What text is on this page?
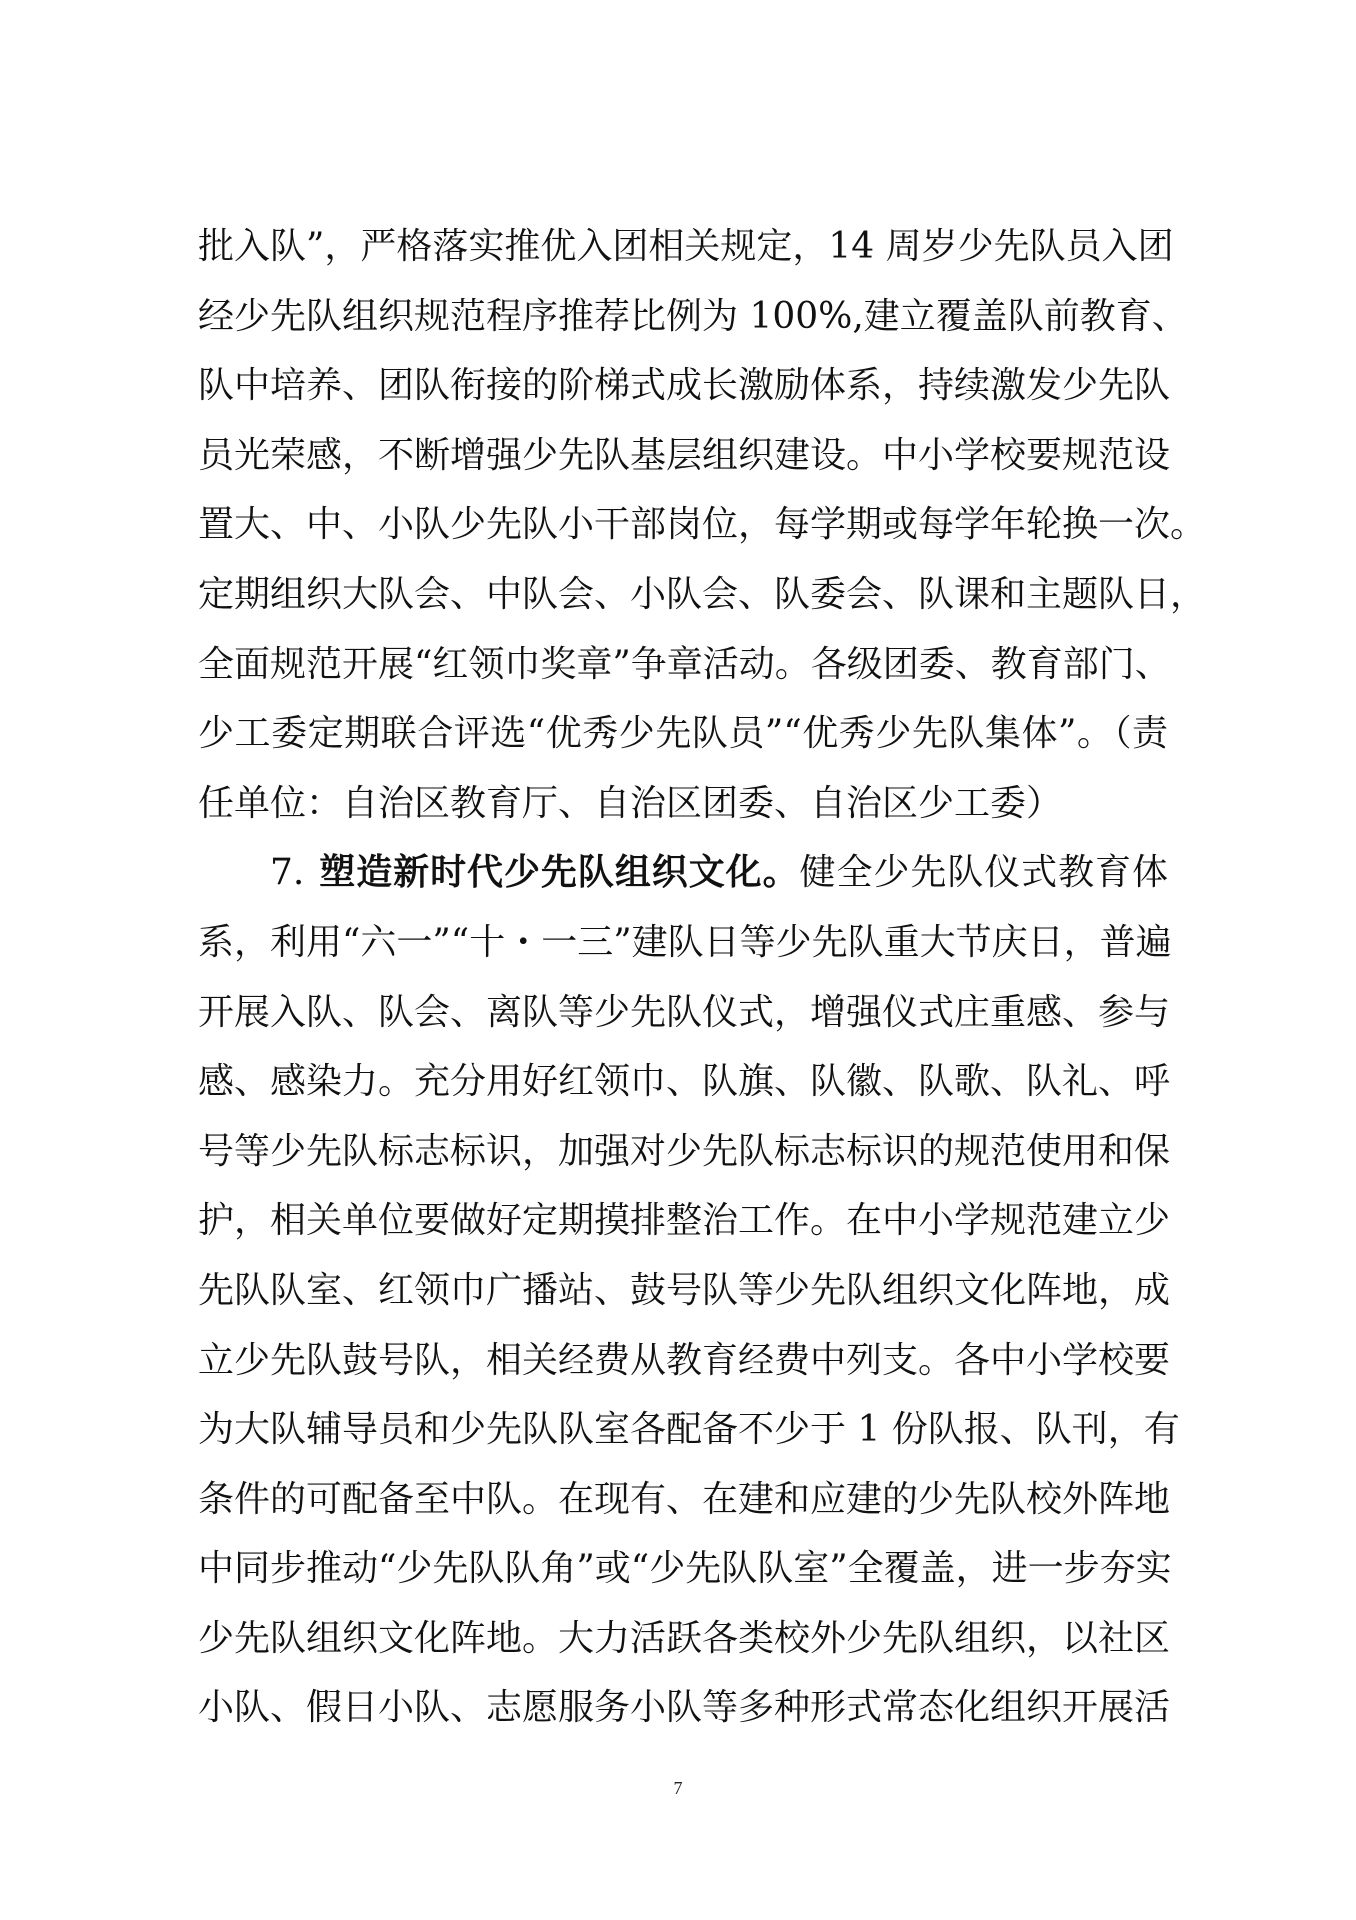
批入队”，严格落实推优入团相关规定，14 周岁少先队员入团
经少先队组织规范程序推荐比例为 100%,建立覆盖队前教育、
队中培养、团队衔接的阶梯式成长激励体系，持续激发少先队
员光荣感，不断增强少先队基层组织建设。中小学校要规范设
置大、中、小队少先队小干部岗位，每学期或每学年轮换一次。
定期组织大队会、中队会、小队会、队委会、队课和主题队日，
全面规范开展“红领巾奖章”争章活动。各级团委、教育部门、
少工委定期联合评选“优秀少先队员”“优秀少先队集体”。（责
任单位：自治区教育厅、自治区团委、自治区少工委）
7. 塑造新时代少先队组织文化。健全少先队仪式教育体
系，利用“六一”“十・一三”建队日等少先队重大节庆日，普遍
开展入队、队会、离队等少先队仪式，增强仪式庄重感、参与
感、感染力。充分用好红领巾、队旗、队徽、队歌、队礼、呼
号等少先队标志标识，加强对少先队标志标识的规范使用和保
护，相关单位要做好定期摸排整治工作。在中小学规范建立少
先队队室、红领巾广播站、鼓号队等少先队组织文化阵地，成
立少先队鼓号队，相关经费从教育经费中列支。各中小学校要
为大队辅导员和少先队队室各配备不少于 1 份队报、队刊，有
条件的可配备至中队。在现有、在建和应建的少先队校外阵地
中同步推动“少先队队角”或“少先队队室”全覆盖，进一步夯实
少先队组织文化阵地。大力活跃各类校外少先队组织，以社区
小队、假日小队、志愿服务小队等多种形式常态化组织开展活
7
